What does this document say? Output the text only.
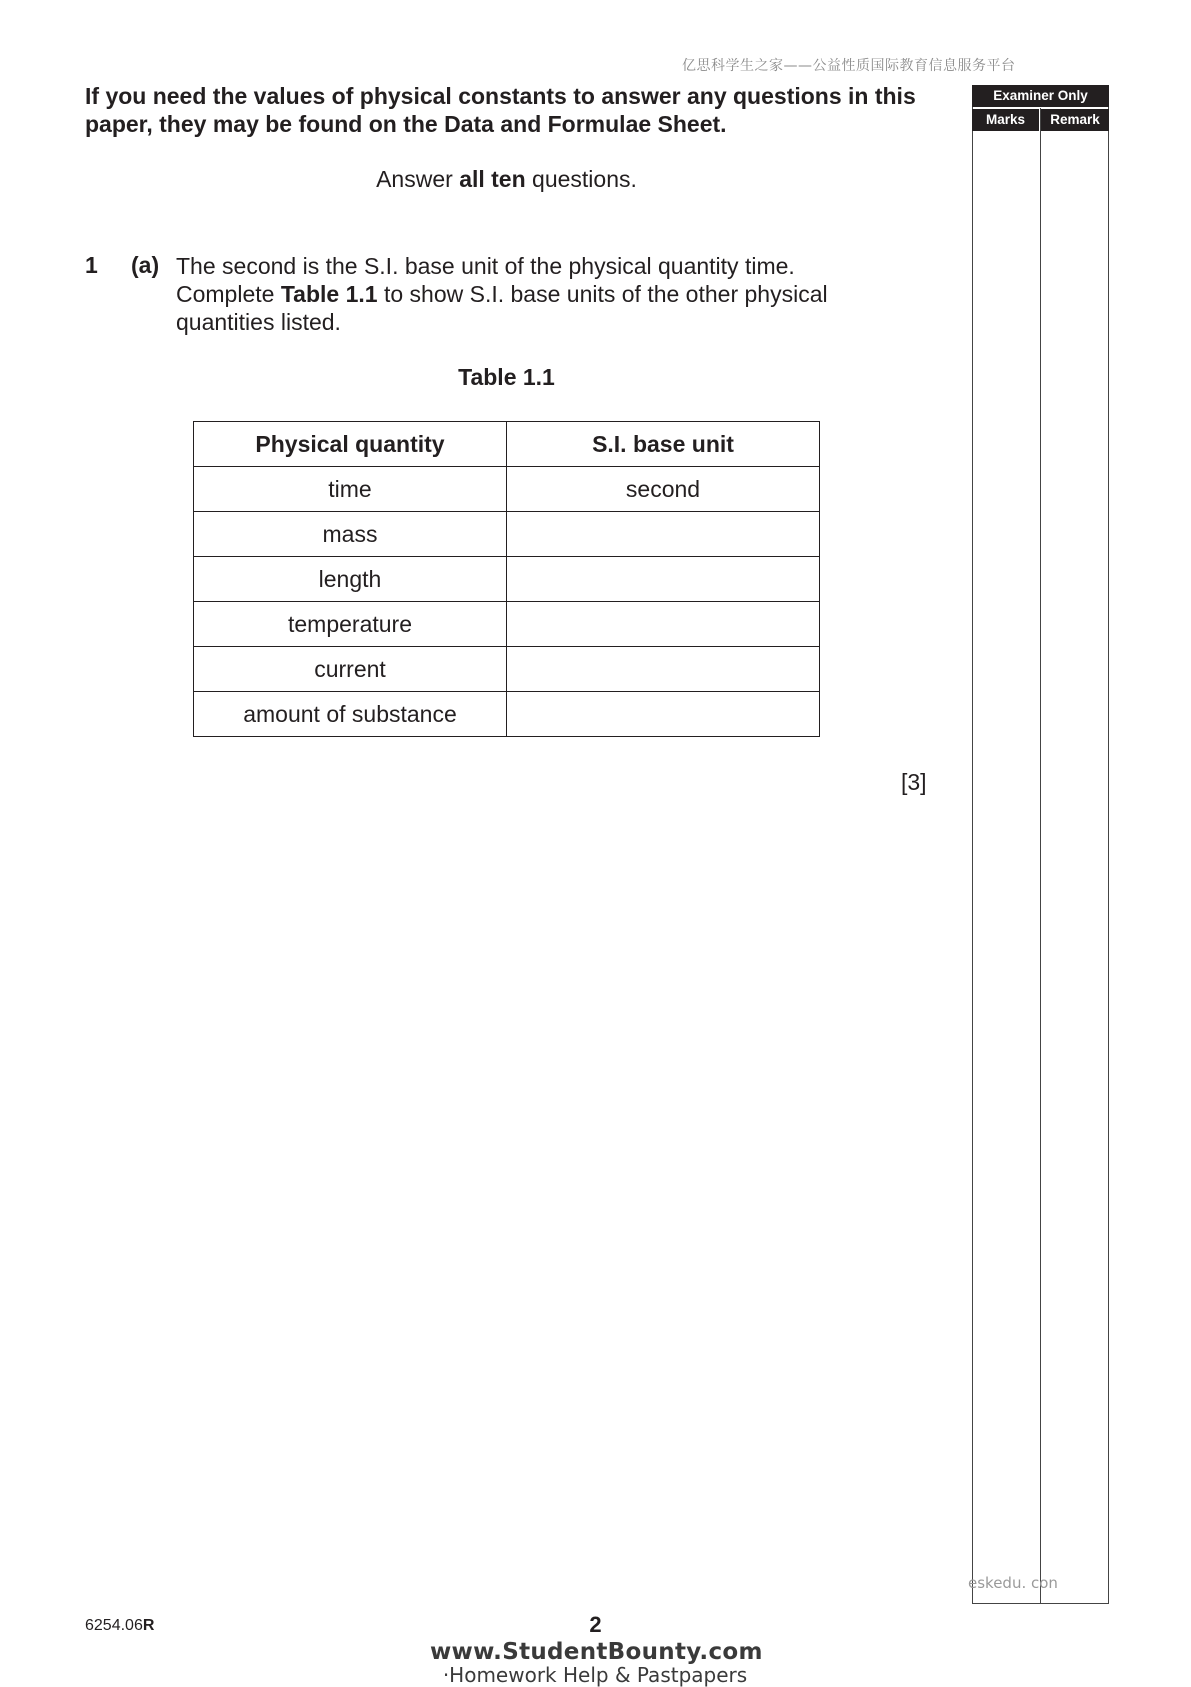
亿思科学生之家——公益性质国际教育信息服务平台
If you need the values of physical constants to answer any questions in this paper, they may be found on the Data and Formulae Sheet.
Answer all ten questions.
1 (a) The second is the S.I. base unit of the physical quantity time.
Complete Table 1.1 to show S.I. base units of the other physical
quantities listed.
Table 1.1
Physical quantity	S.I. base unit
time	second
mass	
length	
temperature	
current	
amount of substance	
[3]
Examiner Only
Marks	Remark
eskedu. con
6254.06R	2
www.StudentBounty.com
·Homework Help & Pastpapers
